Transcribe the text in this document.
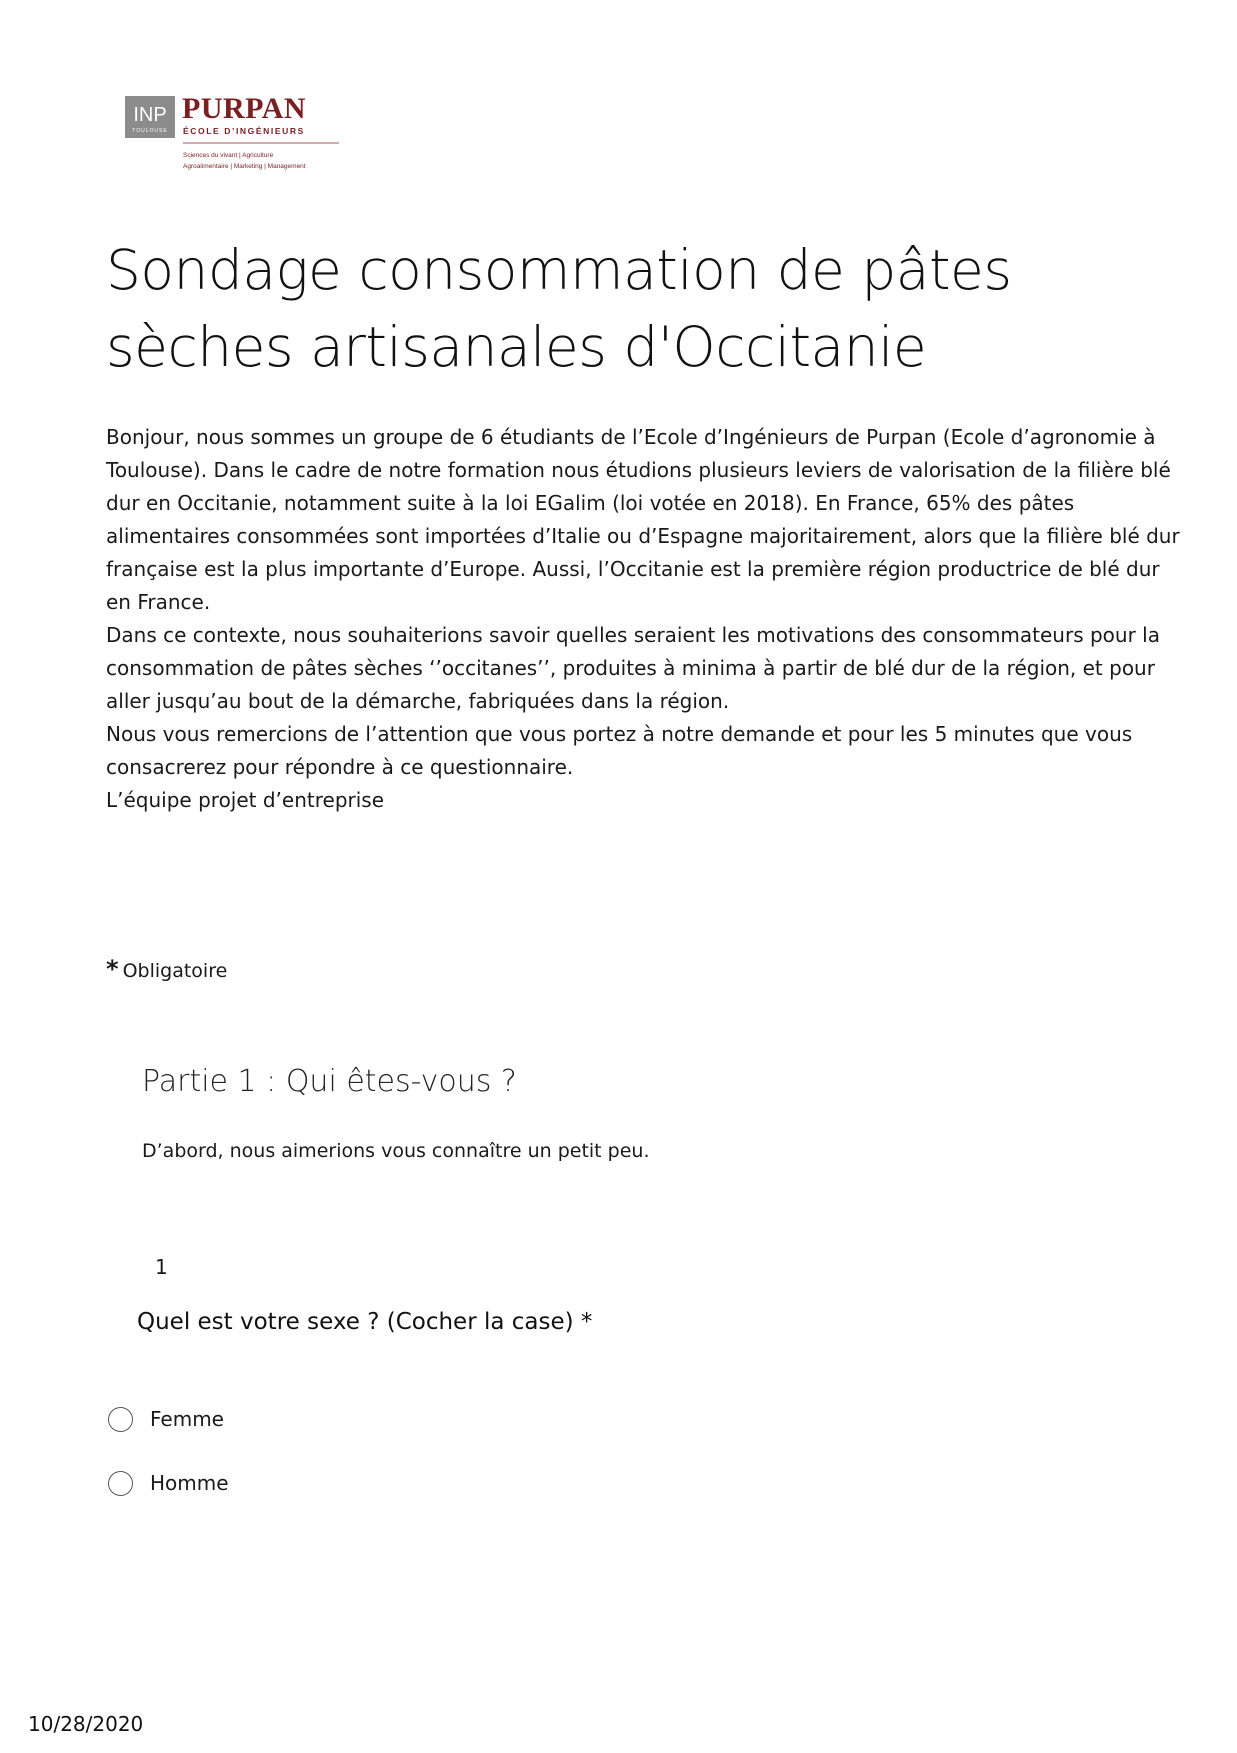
INP
TOULOUSE
PURPAN
ÉCOLE D’INGÉNIEURS
Sciences du vivant | Agriculture
Agroalimentaire | Marketing | Management
Sondage consommation de pâtes sèches artisanales d'Occitanie

Bonjour, nous sommes un groupe de 6 étudiants de l’Ecole d’Ingénieurs de Purpan (Ecole d’agronomie à Toulouse). Dans le cadre de notre formation nous étudions plusieurs leviers de valorisation de la filière blé dur en Occitanie, notamment suite à la loi EGalim (loi votée en 2018). En France, 65% des pâtes alimentaires consommées sont importées d’Italie ou d’Espagne majoritairement, alors que la filière blé dur française est la plus importante d’Europe. Aussi, l’Occitanie est la première région productrice de blé dur en France.

Dans ce contexte, nous souhaiterions savoir quelles seraient les motivations des consommateurs pour la consommation de pâtes sèches ‘’occitanes’’, produites à minima à partir de blé dur de la région, et pour aller jusqu’au bout de la démarche, fabriquées dans la région.

Nous vous remercions de l’attention que vous portez à notre demande et pour les 5 minutes que vous consacrerez pour répondre à ce questionnaire.

L’équipe projet d’entreprise

* Obligatoire
Partie 1 : Qui êtes-vous ?
D’abord, nous aimerions vous connaître un petit peu.
1
Quel est votre sexe ? (Cocher la case) *
Femme
Homme
10/28/2020
